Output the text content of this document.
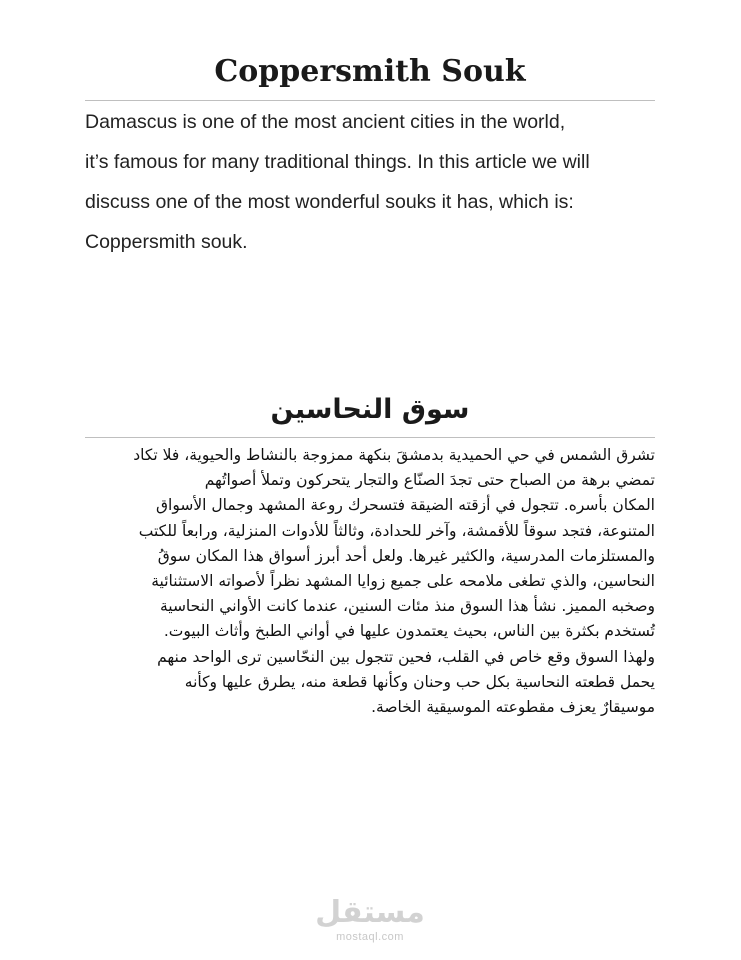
Coppersmith Souk
Damascus is one of the most ancient cities in the world,
it’s famous for many traditional things. In this article we will
discuss one of the most wonderful souks it has, which is:
Coppersmith souk.
سوق النحاسين
تشرق الشمس في حي الحميدية بدمشقَ بنكهة ممزوجة بالنشاط والحيوية، فلا تكاد
تمضي برهة من الصباح حتى تجدَ الصنّاع والتجار يتحركون وتملأ أصواتُهم
المكان بأسره. تتجول في أزقته الضيقة فتسحرك روعة المشهد وجمال الأسواق
المتنوعة، فتجد سوقاً للأقمشة، وآخر للحدادة، وثالثاً للأدوات المنزلية، ورابعاً للكتب
والمستلزمات المدرسية، والكثير غيرها. ولعل أحد أبرز أسواق هذا المكان سوقُ
النحاسين، والذي تطغى ملامحه على جميع زوايا المشهد نظراً لأصواته الاستثنائية
وصخبه المميز. نشأ هذا السوق منذ مئات السنين، عندما كانت الأواني النحاسية
تُستخدم بكثرة بين الناس، بحيث يعتمدون عليها في أواني الطبخ وأثاث البيوت.
ولهذا السوق وقع خاص في القلب، فحين تتجول بين النحّاسين ترى الواحد منهم
يحمل قطعته النحاسية بكل حب وحنان وكأنها قطعة منه، يطرق عليها وكأنه
موسيقارٌ يعزف مقطوعته الموسيقية الخاصة.
مستقل
mostaql.com
